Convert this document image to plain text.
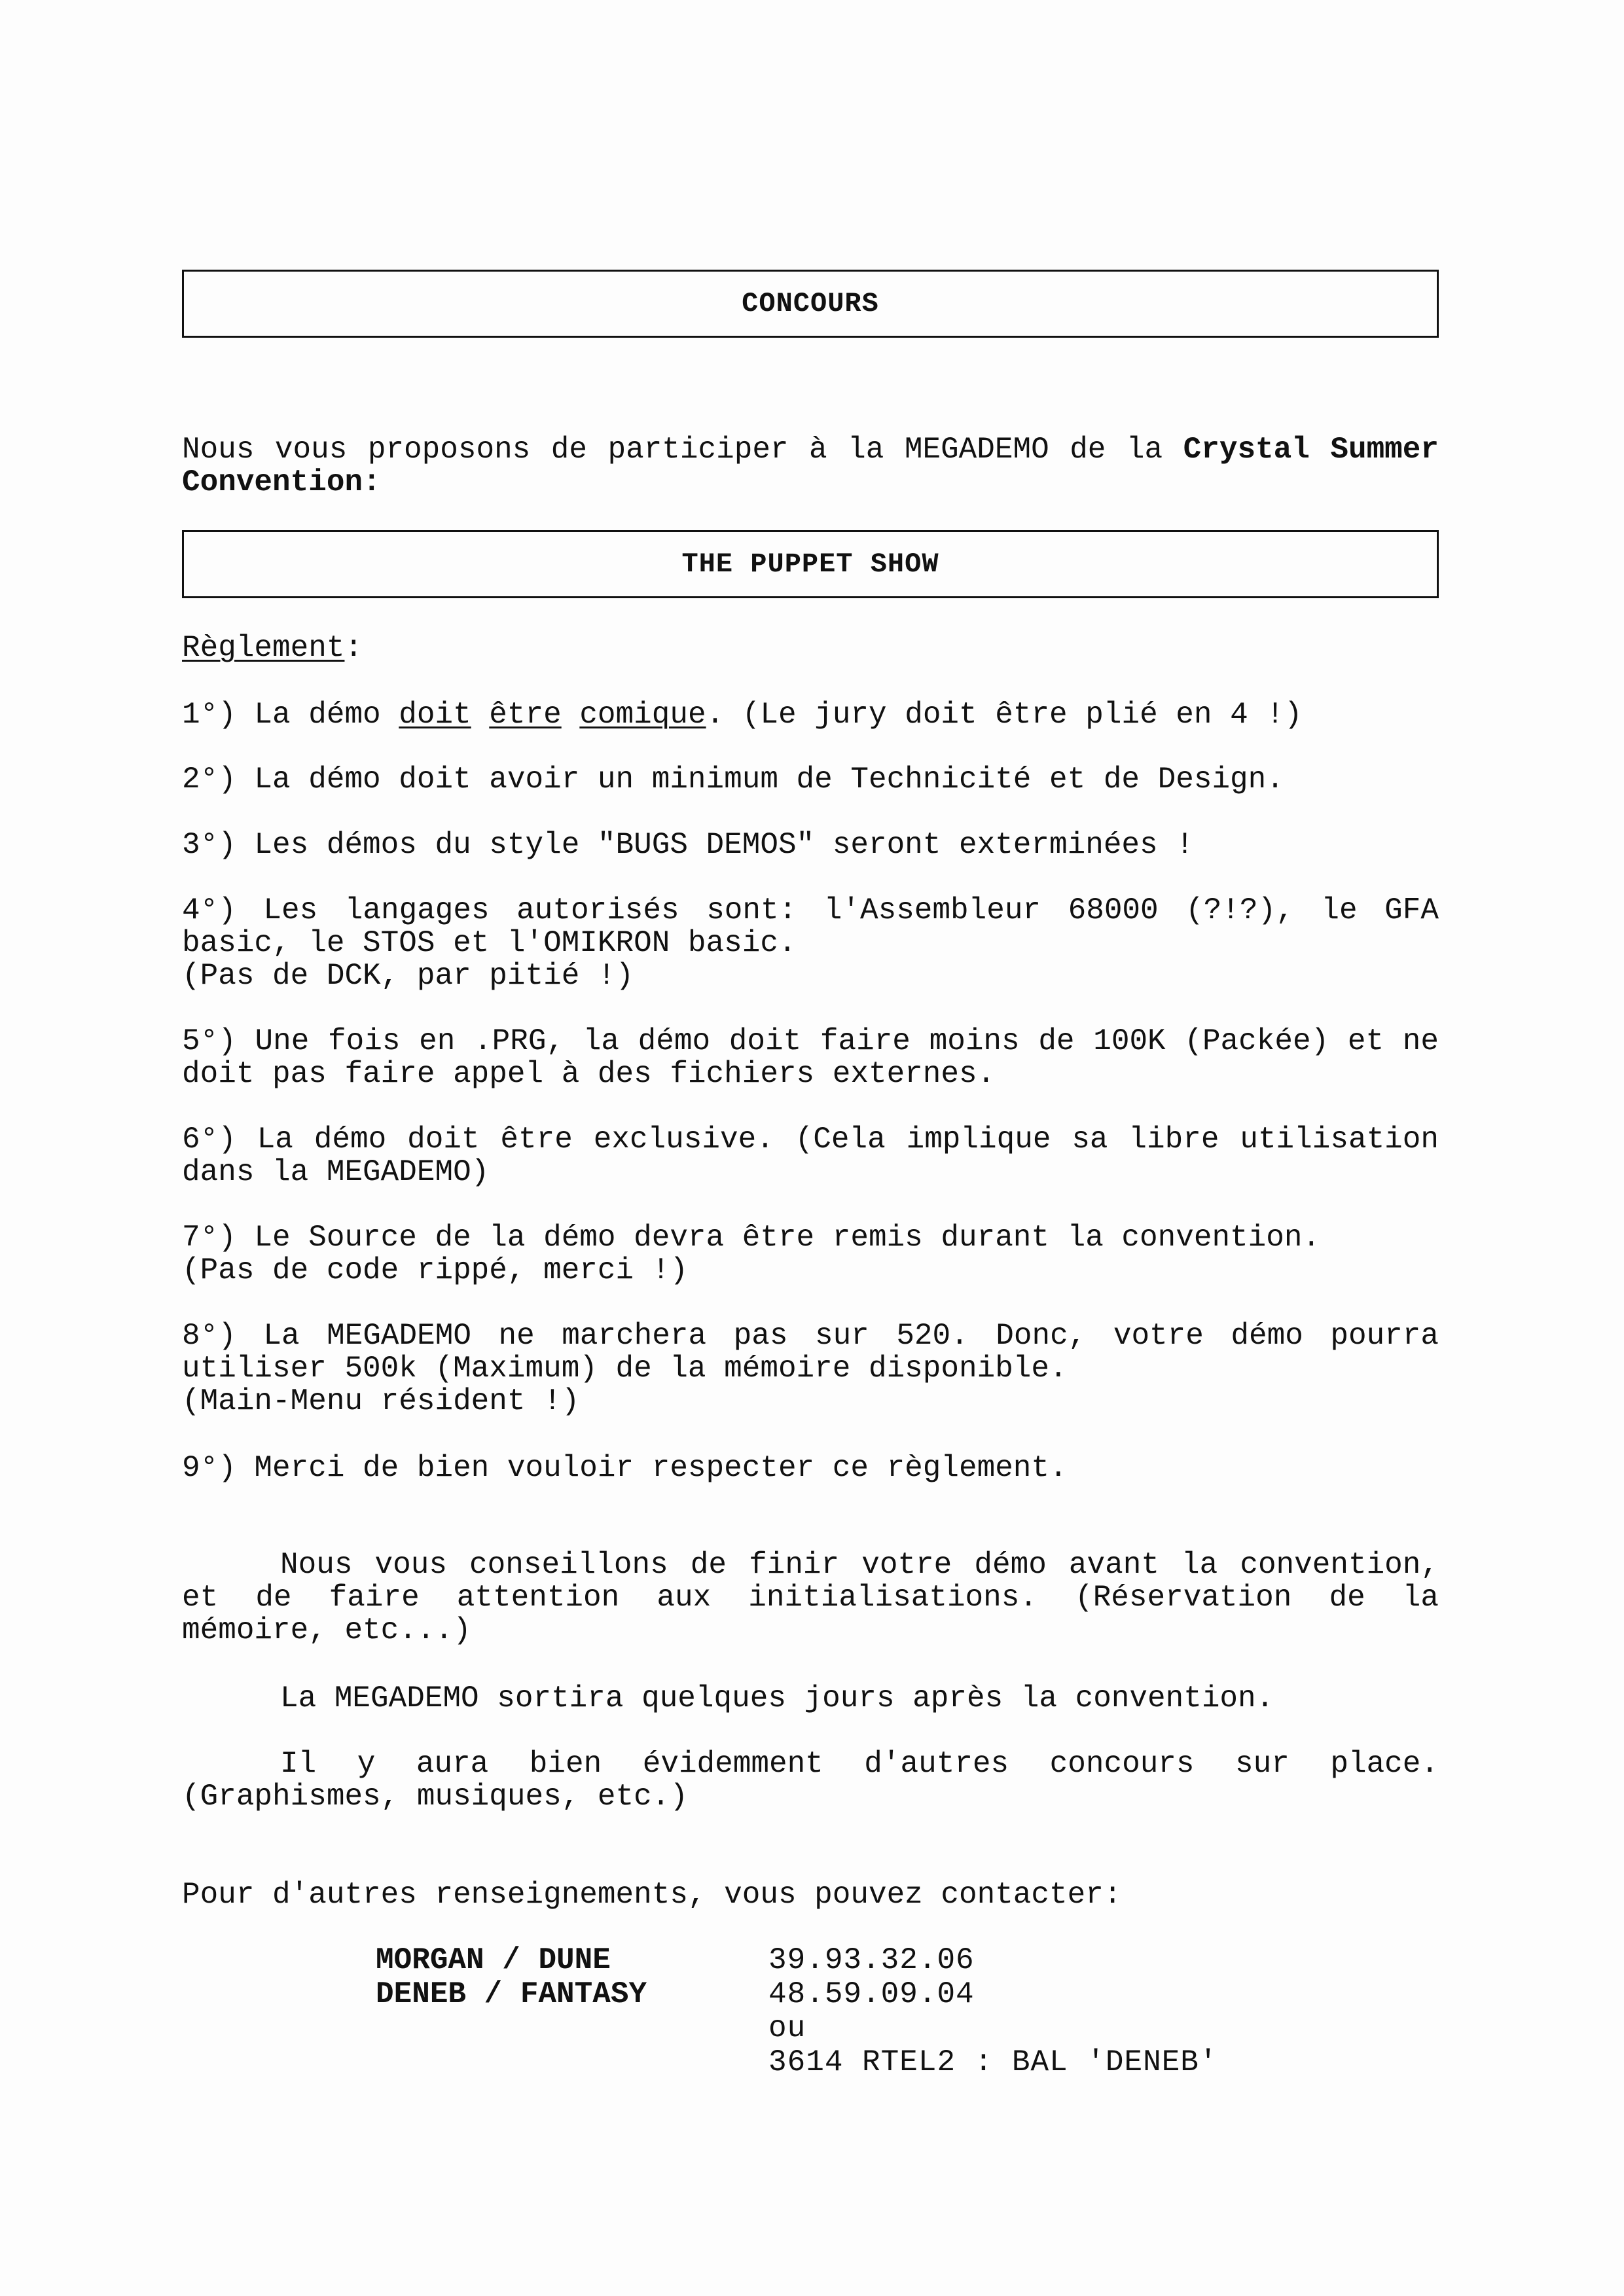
CONCOURS

Nous vous proposons de participer à la MEGADEMO de la Crystal Summer Convention:

THE PUPPET SHOW

Règlement:

1°) La démo doit être comique. (Le jury doit être plié en 4 !)

2°) La démo doit avoir un minimum de Technicité et de Design.

3°) Les démos du style "BUGS DEMOS" seront exterminées !

4°) Les langages autorisés sont: l'Assembleur 68000 (?!?), le GFA basic, le STOS et l'OMIKRON basic.
(Pas de DCK, par pitié !)

5°) Une fois en .PRG, la démo doit faire moins de 100K (Packée) et ne doit pas faire appel à des fichiers externes.

6°) La démo doit être exclusive. (Cela implique sa libre utilisation dans la MEGADEMO)

7°) Le Source de la démo devra être remis durant la convention.
(Pas de code rippé, merci !)
8°) La MEGADEMO ne marchera pas sur 520. Donc, votre démo pourra utiliser 500k (Maximum) de la mémoire disponible.
(Main-Menu résident !)

9°) Merci de bien vouloir respecter ce règlement.

Nous vous conseillons de finir votre démo avant la convention, et de faire attention aux initialisations. (Réservation de la mémoire, etc...)

La MEGADEMO sortira quelques jours après la convention.

Il y aura bien évidemment d'autres concours sur place.(Graphismes, musiques, etc.)

Pour d'autres renseignements, vous pouvez contacter:

MORGAN / DUNE	39.93.32.06
DENEB / FANTASY	48.59.09.04
ou
3614 RTEL2 : BAL 'DENEB'
